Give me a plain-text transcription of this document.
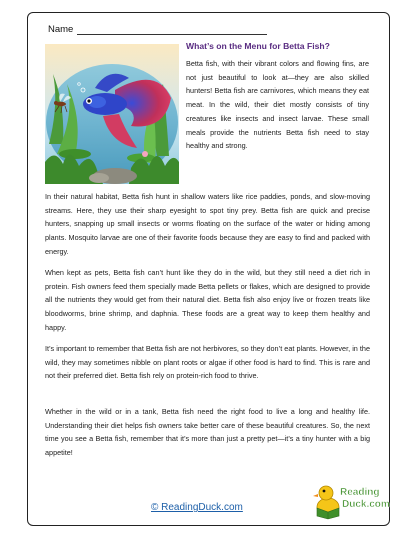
Name
What’s on the Menu for Betta Fish?

Betta fish, with their vibrant colors and flowing fins, are not just beautiful to look at—they are also skilled hunters! Betta fish are carnivores, which means they eat meat. In the wild, their diet mostly consists of tiny creatures like insects and insect larvae. These small meals provide the nutrients Betta fish need to stay healthy and strong.

In their natural habitat, Betta fish hunt in shallow waters like rice paddies, ponds, and slow-moving streams. Here, they use their sharp eyesight to spot tiny prey. Betta fish are quick and precise hunters, snapping up small insects or worms floating on the surface of the water or hiding among plants. Mosquito larvae are one of their favorite foods because they are easy to find and packed with energy.

When kept as pets, Betta fish can’t hunt like they do in the wild, but they still need a diet rich in protein. Fish owners feed them specially made Betta pellets or flakes, which are designed to provide all the nutrients they would get from their natural diet. Betta fish also enjoy live or frozen treats like bloodworms, brine shrimp, and daphnia. These foods are a great way to keep them healthy and happy.

It’s important to remember that Betta fish are not herbivores, so they don’t eat plants. However, in the wild, they may sometimes nibble on plant roots or algae if other food is hard to find. This is rare and not their preferred diet. Betta fish rely on protein-rich food to thrive.

Whether in the wild or in a tank, Betta fish need the right food to live a long and healthy life. Understanding their diet helps fish owners take better care of these beautiful creatures. So, the next time you see a Betta fish, remember that it’s more than just a pretty pet—it’s a tiny hunter with a big appetite!

© ReadingDuck.com
Reading
Duck.com
